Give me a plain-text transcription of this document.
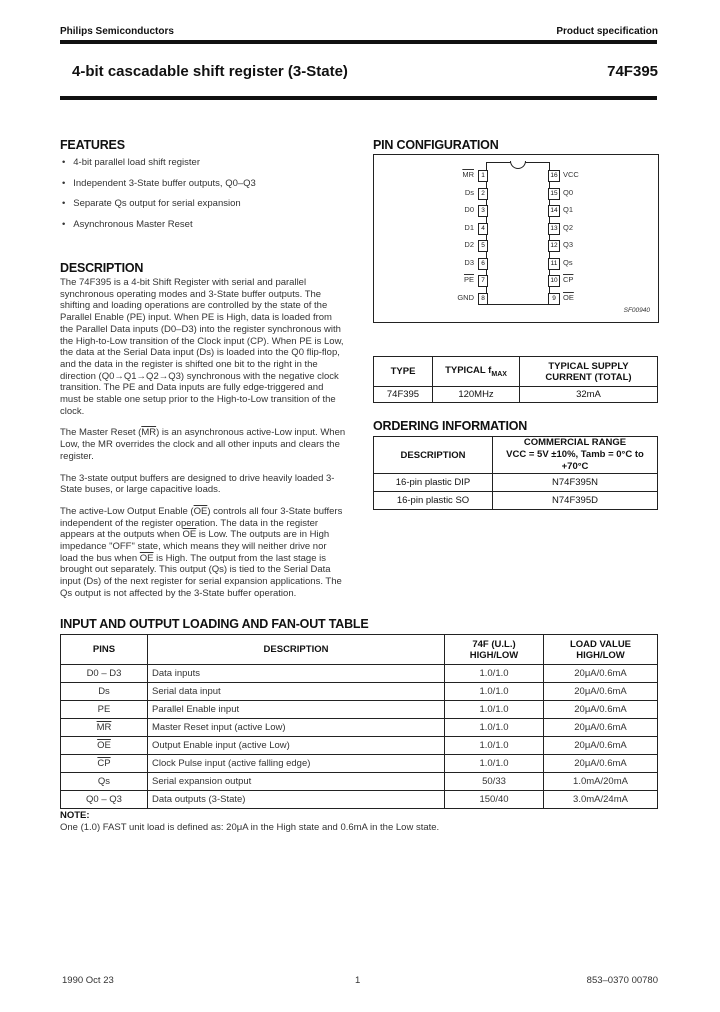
Philips Semiconductors	Product specification
4-bit cascadable shift register (3-State)	74F395
FEATURES
•   4-bit parallel load shift register
•   Independent 3-State buffer outputs, Q0–Q3
•   Separate Qs output for serial expansion
•   Asynchronous Master Reset
DESCRIPTION

The 74F395 is a 4-bit Shift Register with serial and parallel synchronous operating modes and 3-State buffer outputs. The shifting and loading operations are controlled by the state of the Parallel Enable (PE) input. When PE is High, data is loaded from the Parallel Data inputs (D0–D3) into the register synchronous with the High-to-Low transition of the Clock input (CP). When PE is Low, the data at the Serial Data input (Ds) is loaded into the Q0 flip-flop, and the data in the register is shifted one bit to the right in the direction (Q0→Q1→Q2→Q3) synchronous with the negative clock transition. The PE and Data inputs are fully edge-triggered and must be stable one setup prior to the High-to-Low transition of the clock.

The Master Reset $(\overline{MR})$ is an asynchronous active-Low input. When Low, the MR overrides the clock and all other inputs and clears the register.

The 3-state output buffers are designed to drive heavily loaded 3-State buses, or large capacitive loads.

The active-Low Output Enable $(\overline{OE})$ controls all four 3-State buffers independent of the register operation. The data in the register appears at the outputs when $\overline{OE}$ is Low. The outputs are in High impedance "OFF" state, which means they will neither drive nor load the bus when $\overline{OE}$ is High. The output from the last stage is brought out separately. This output (Qs) is tied to the Serial Data input (Ds) of the next register for serial expansion applications. The Qs output is not affected by the 3-State buffer operation.

PIN CONFIGURATION
$\overline{MR}$	1
Ds	2
D0	3
D1	4
D2	5
D3	6
$\overline{PE}$	7
GND	8
16 VCC
15 Q0
14 Q1
13 Q2
12 Q3
11 Qs
10 $\overline{CP}$
9 $\overline{OE}$
SF00940
TYPE	TYPICAL $f_{MAX}$	TYPICAL SUPPLY CURRENT (TOTAL)
74F395	120MHz	32mA
ORDERING INFORMATION
DESCRIPTION	COMMERCIAL RANGE
VCC = 5V ±10%, Tamb = 0°C to +70°C

16-pin plastic DIP	N74F395N
16-pin plastic SO	N74F395D
INPUT AND OUTPUT LOADING AND FAN-OUT TABLE
PINS	DESCRIPTION	74F (U.L.) HIGH/LOW	LOAD VALUE HIGH/LOW
D0 – D3	Data inputs	1.0/1.0	20μA/0.6mA
Ds	Serial data input	1.0/1.0	20μA/0.6mA
PE	Parallel Enable input	1.0/1.0	20μA/0.6mA
$\overline{MR}$	Master Reset input (active Low)	1.0/1.0	20μA/0.6mA
$\overline{OE}$	Output Enable input (active Low)	1.0/1.0	20μA/0.6mA
$\overline{CP}$	Clock Pulse input (active falling edge)	1.0/1.0	20μA/0.6mA
Qs	Serial expansion output	50/33	1.0mA/20mA
Q0 – Q3	Data outputs (3-State)	150/40	3.0mA/24mA
NOTE:
One (1.0) FAST unit load is defined as: 20μA in the High state and 0.6mA in the Low state.
1990 Oct 23	1	853–0370 00780
